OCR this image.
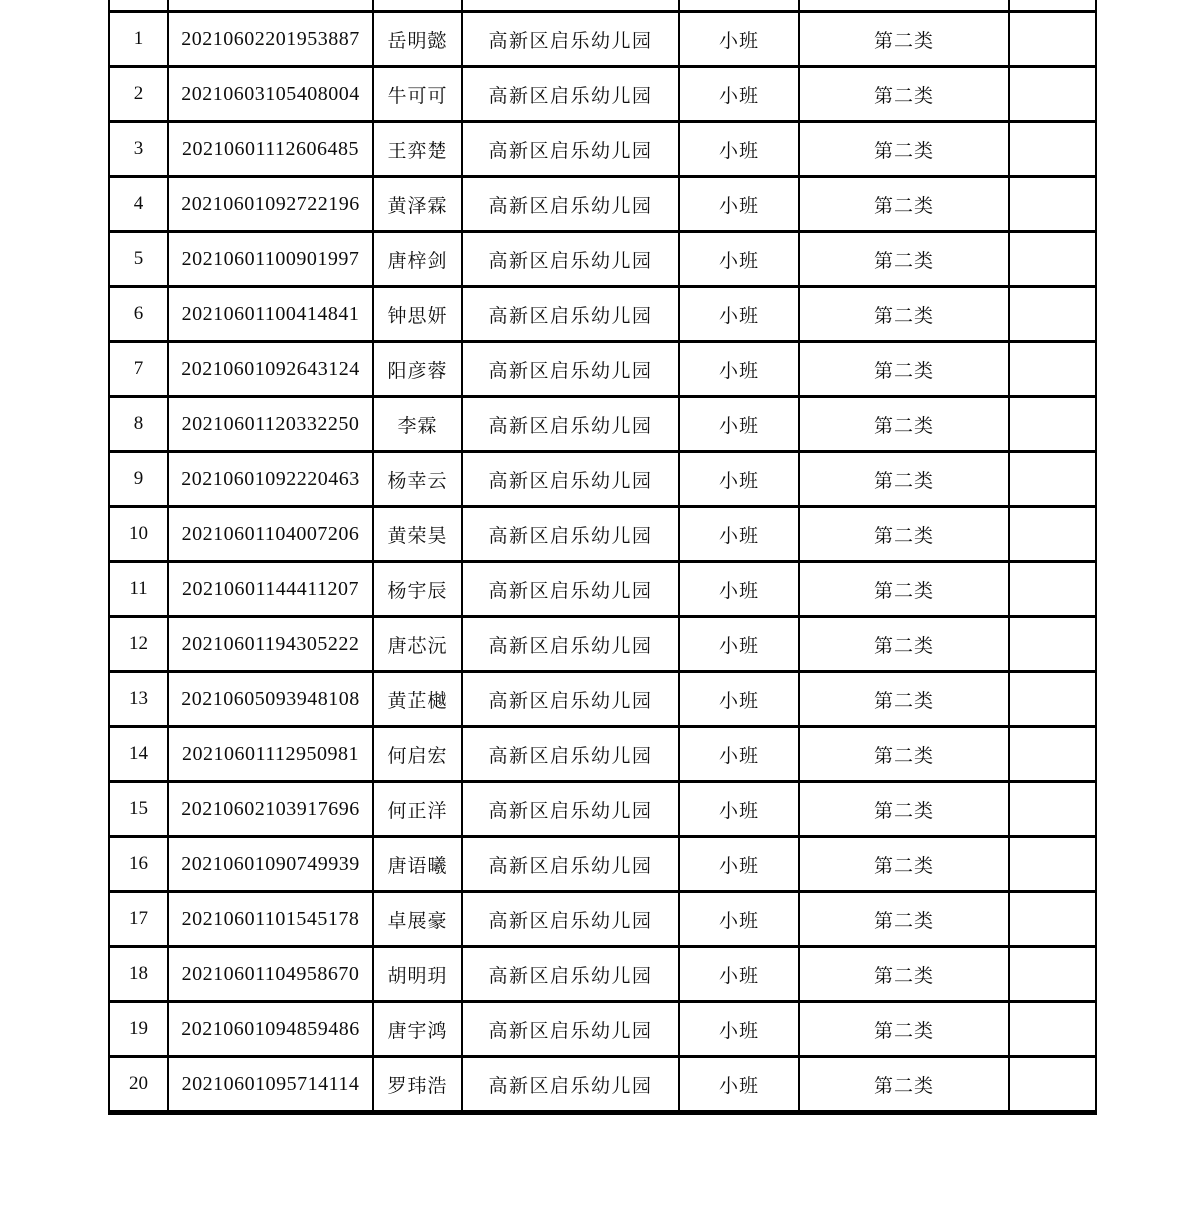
1	20210602201953887	岳明懿	高新区启乐幼儿园	小班	第二类	
2	20210603105408004	牛可可	高新区启乐幼儿园	小班	第二类	
3	20210601112606485	王弈楚	高新区启乐幼儿园	小班	第二类	
4	20210601092722196	黄泽霖	高新区启乐幼儿园	小班	第二类	
5	20210601100901997	唐梓剑	高新区启乐幼儿园	小班	第二类	
6	20210601100414841	钟思妍	高新区启乐幼儿园	小班	第二类	
7	20210601092643124	阳彦蓉	高新区启乐幼儿园	小班	第二类	
8	20210601120332250	李霖	高新区启乐幼儿园	小班	第二类	
9	20210601092220463	杨幸云	高新区启乐幼儿园	小班	第二类	
10	20210601104007206	黄荣昊	高新区启乐幼儿园	小班	第二类	
11	20210601144411207	杨宇辰	高新区启乐幼儿园	小班	第二类	
12	20210601194305222	唐芯沅	高新区启乐幼儿园	小班	第二类	
13	20210605093948108	黄芷樾	高新区启乐幼儿园	小班	第二类	
14	20210601112950981	何启宏	高新区启乐幼儿园	小班	第二类	
15	20210602103917696	何正洋	高新区启乐幼儿园	小班	第二类	
16	20210601090749939	唐语曦	高新区启乐幼儿园	小班	第二类	
17	20210601101545178	卓展豪	高新区启乐幼儿园	小班	第二类	
18	20210601104958670	胡明玥	高新区启乐幼儿园	小班	第二类	
19	20210601094859486	唐宇鸿	高新区启乐幼儿园	小班	第二类	
20	20210601095714114	罗玮浩	高新区启乐幼儿园	小班	第二类	
